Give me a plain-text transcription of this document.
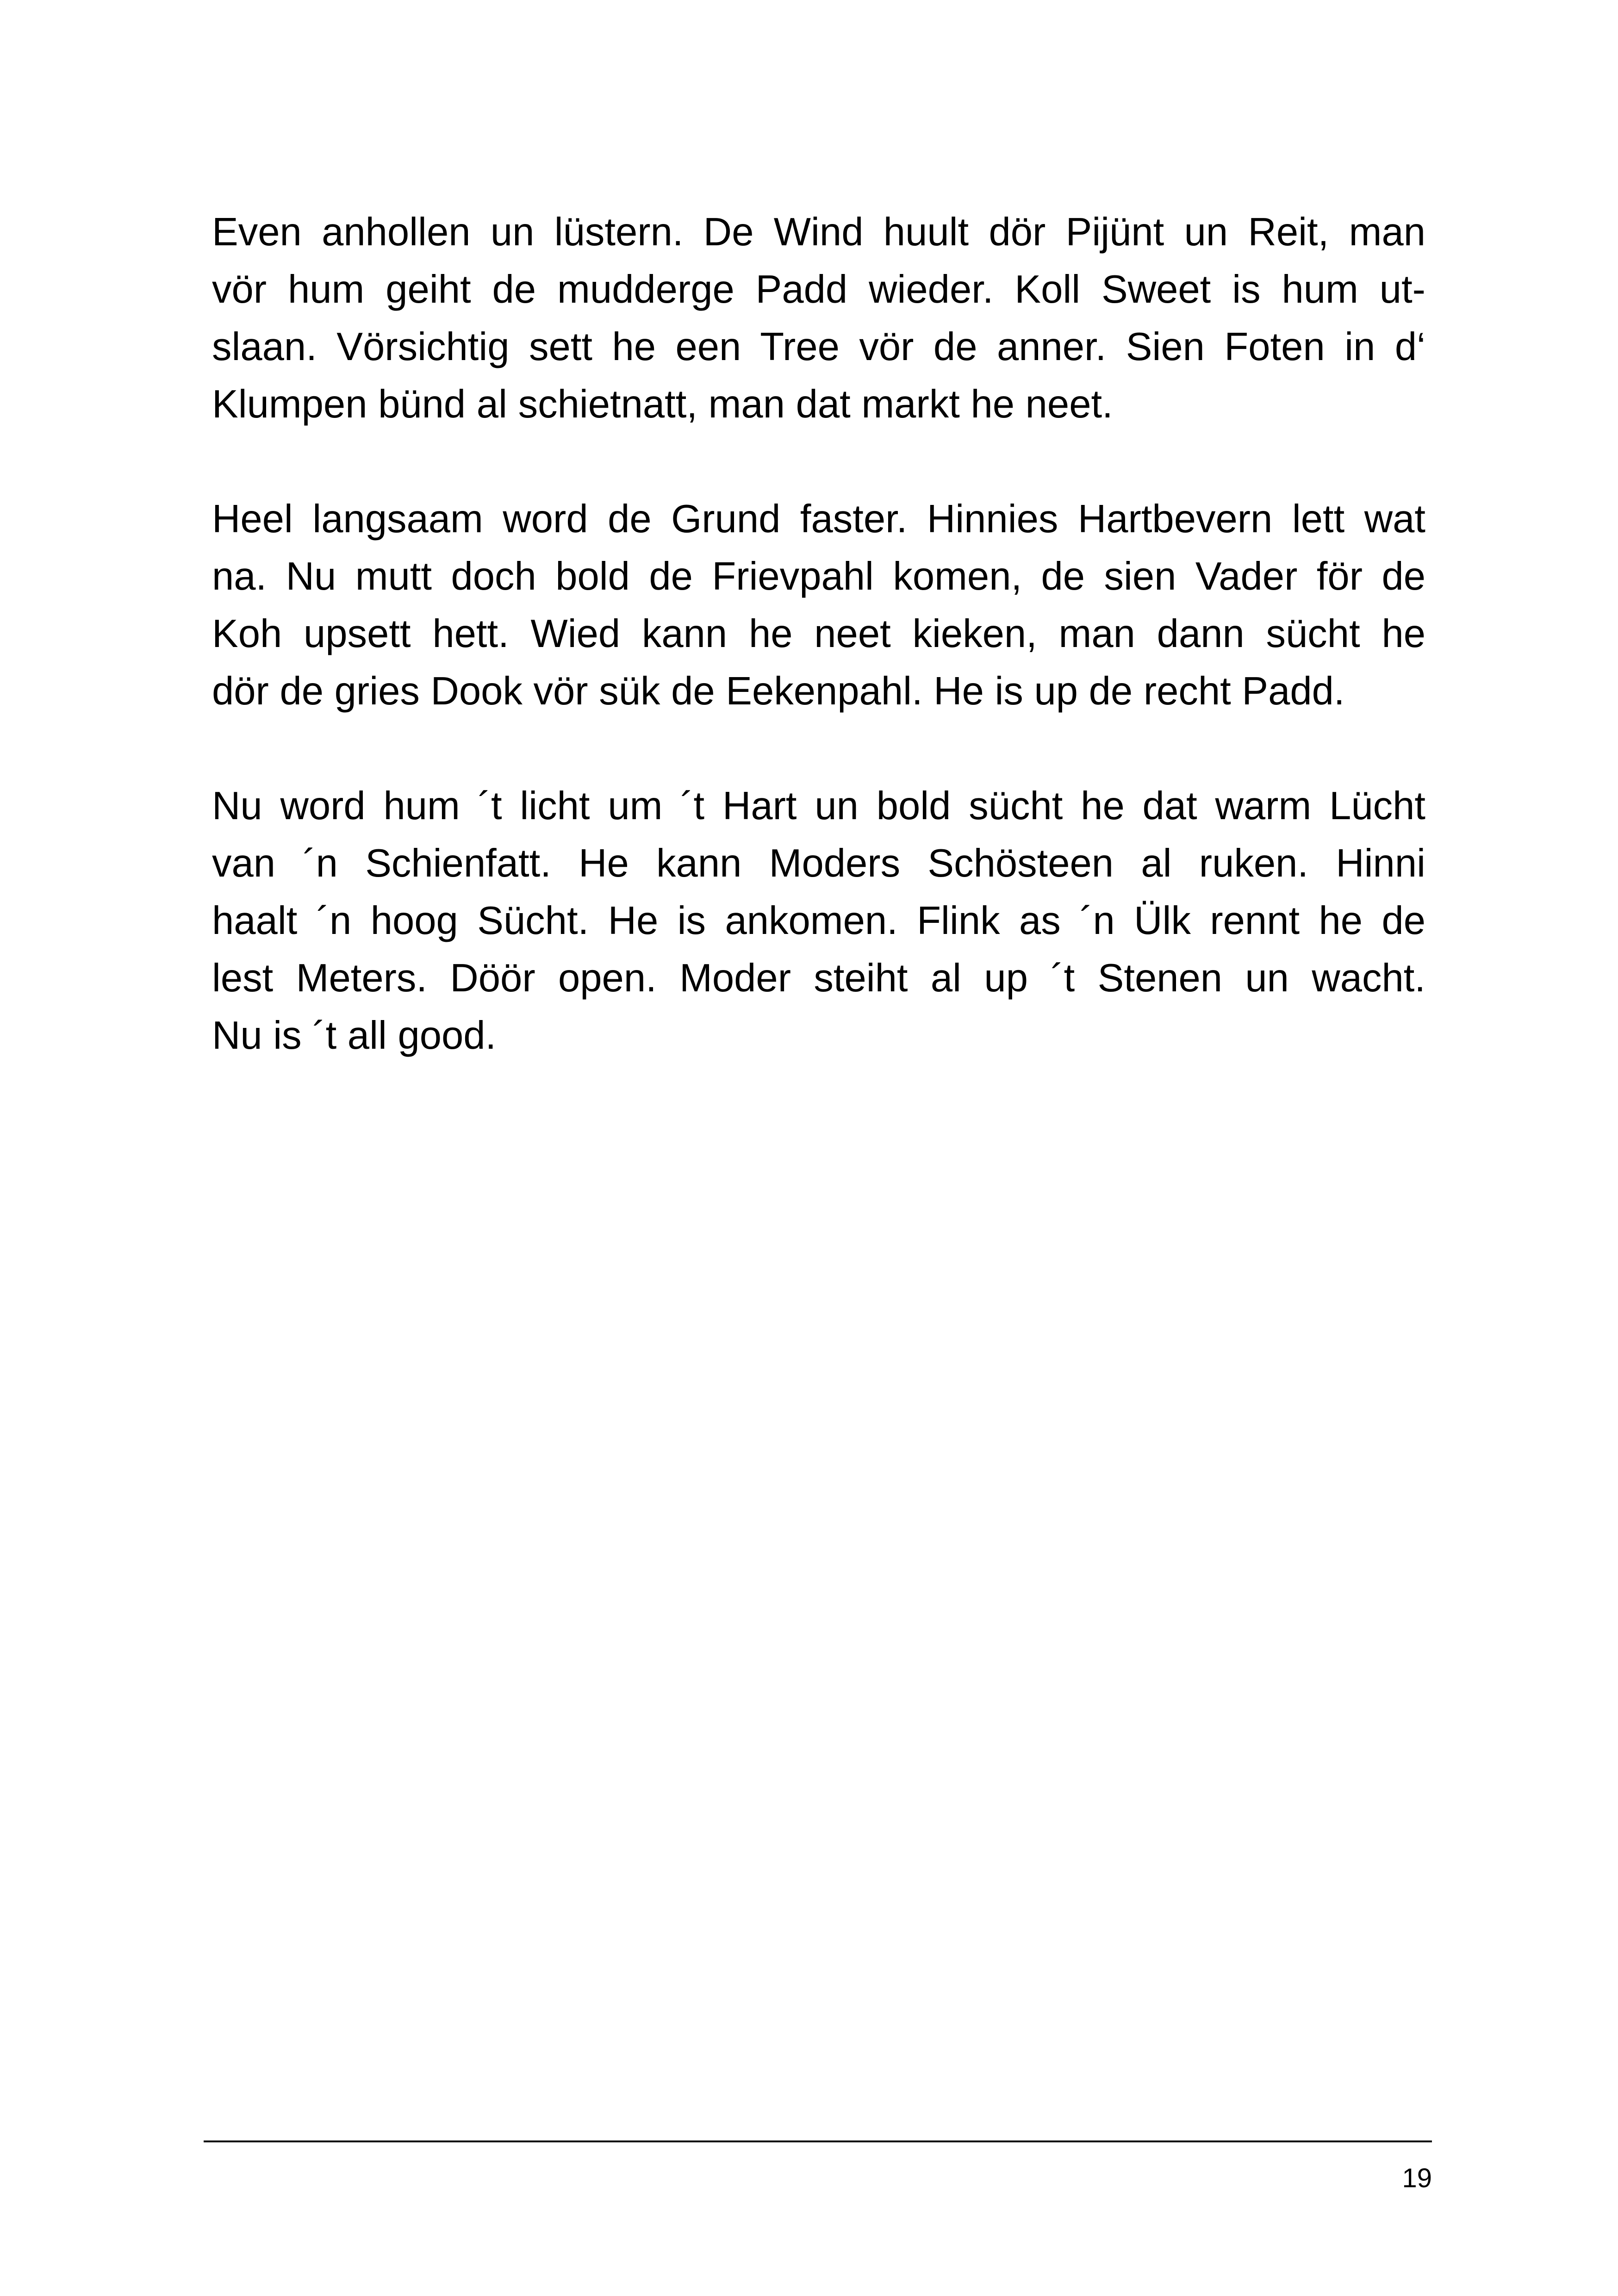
Even anhollen un lüstern. De Wind huult dör Pijünt un Reit, man
vör hum geiht de mudderge Padd wieder. Koll Sweet is hum ut-
slaan. Vörsichtig sett he een Tree vör de anner. Sien Foten in d‘
Klumpen bünd al schietnatt, man dat markt he neet.

Heel langsaam word de Grund faster. Hinnies Hartbevern lett wat
na. Nu mutt doch bold de Frievpahl komen, de sien Vader för de
Koh upsett hett. Wied kann he neet kieken, man dann sücht he
dör de gries Dook vör sük de Eekenpahl. He is up de recht Padd.

Nu word hum ´t licht um ´t Hart un bold sücht he dat warm Lücht
van ´n Schienfatt. He kann Moders Schösteen al ruken. Hinni
haalt ´n hoog Sücht. He is ankomen. Flink as ´n Ülk rennt he de
lest Meters. Döör open. Moder steiht al up ´t Stenen un wacht.
Nu is ´t all good.

19
